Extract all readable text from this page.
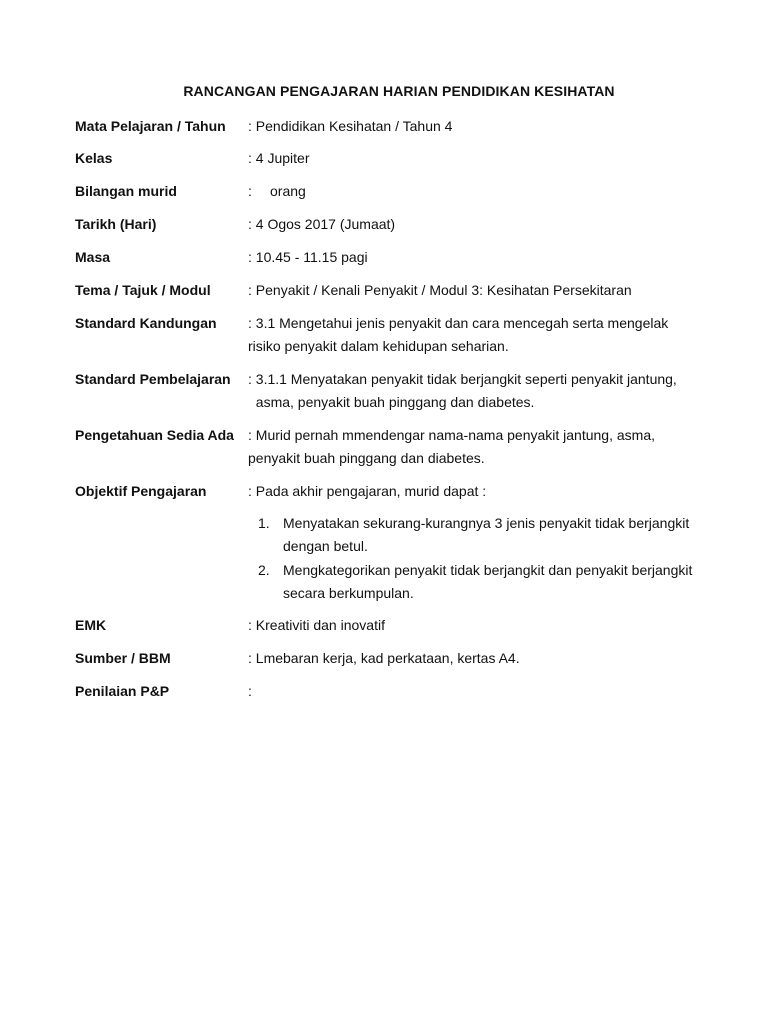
RANCANGAN PENGAJARAN HARIAN PENDIDIKAN KESIHATAN
Mata Pelajaran / Tahun : Pendidikan Kesihatan / Tahun 4
Kelas	: 4 Jupiter
Bilangan murid	: orang
Tarikh (Hari)	: 4 Ogos 2017 (Jumaat)
Masa	: 10.45 - 11.15 pagi
Tema / Tajuk / Modul	: Penyakit / Kenali Penyakit / Modul 3: Kesihatan Persekitaran
Standard Kandungan : 3.1 Mengetahui jenis penyakit dan cara mencegah serta mengelak
risiko penyakit dalam kehidupan seharian.
Standard Pembelajaran : 3.1.1 Menyatakan penyakit tidak berjangkit seperti penyakit jantung,
asma, penyakit buah pinggang dan diabetes.
Pengetahuan Sedia Ada : Murid pernah mmendengar nama-nama penyakit jantung, asma,
penyakit buah pinggang dan diabetes.
Objektif Pengajaran	: Pada akhir pengajaran, murid dapat :
1. Menyatakan sekurang-kurangnya 3 jenis penyakit tidak berjangkit
dengan betul.
2. Mengkategorikan penyakit tidak berjangkit dan penyakit berjangkit
secara berkumpulan.
EMK	: Kreativiti dan inovatif
Sumber / BBM	: Lmebaran kerja, kad perkataan, kertas A4.
Penilaian P&P	:
